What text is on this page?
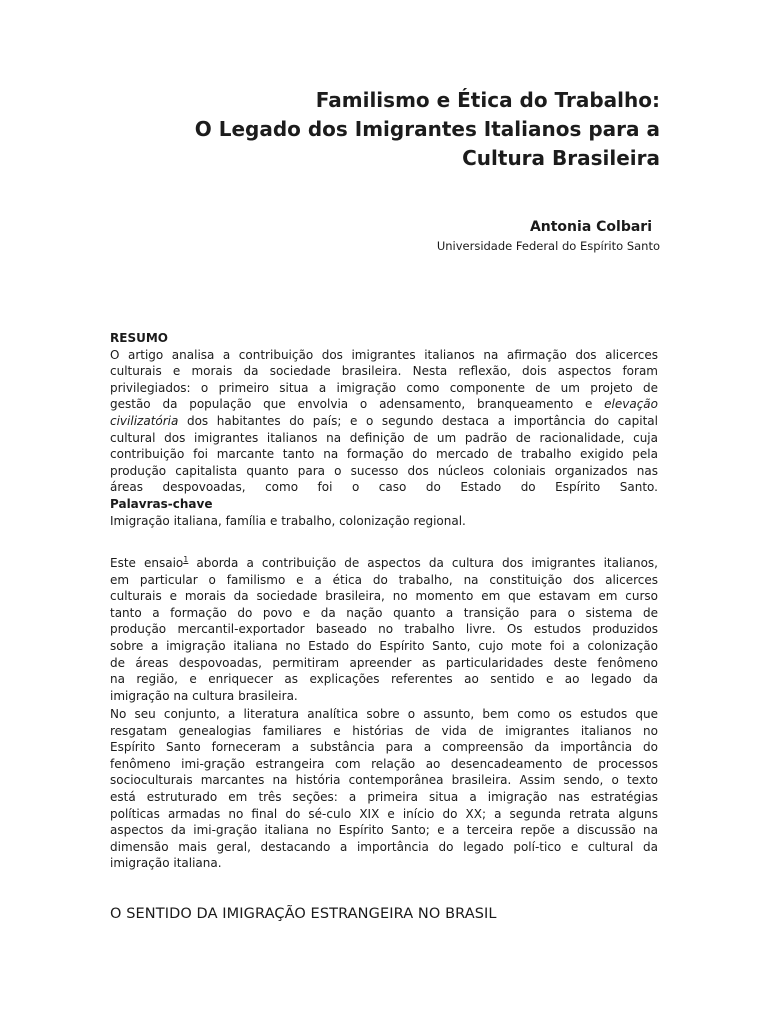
Familismo e Ética do Trabalho:
O Legado dos Imigrantes Italianos para a
Cultura Brasileira
Antonia Colbari
Universidade Federal do Espírito Santo
RESUMO
O artigo analisa a contribuição dos imigrantes italianos na afirmação dos alicerces
culturais e morais da sociedade brasileira. Nesta reflexão, dois aspectos foram
privilegiados: o primeiro situa a imigração como componente de um projeto de
gestão da população que envolvia o adensamento, branqueamento e elevação
civilizatória dos habitantes do país; e o segundo destaca a importância do capital
cultural dos imigrantes italianos na definição de um padrão de racionalidade, cuja
contribuição foi marcante tanto na formação do mercado de trabalho exigido pela
produção capitalista quanto para o sucesso dos núcleos coloniais organizados nas
áreas despovoadas, como foi o caso do Estado do Espírito Santo.
Palavras-chave
Imigração italiana, família e trabalho, colonização regional.
Este ensaio$^1$ aborda a contribuição de aspectos da cultura dos imigrantes italianos,
em particular o familismo e a ética do trabalho, na constituição dos alicerces
culturais e morais da sociedade brasileira, no momento em que estavam em curso
tanto a formação do povo e da nação quanto a transição para o sistema de
produção mercantil-exportador baseado no trabalho livre. Os estudos produzidos
sobre a imigração italiana no Estado do Espírito Santo, cujo mote foi a colonização
de áreas despovoadas, permitiram apreender as particularidades deste fenômeno
na região, e enriquecer as explicações referentes ao sentido e ao legado da
imigração na cultura brasileira.
No seu conjunto, a literatura analítica sobre o assunto, bem como os estudos que
resgatam genealogias familiares e histórias de vida de imigrantes italianos no
Espírito Santo forneceram a substância para a compreensão da importância do
fenômeno imi-gração estrangeira com relação ao desencadeamento de processos
socioculturais marcantes na história contemporânea brasileira. Assim sendo, o texto
está estruturado em três seções: a primeira situa a imigração nas estratégias
políticas armadas no final do sé-culo XIX e início do XX; a segunda retrata alguns
aspectos da imi-gração italiana no Espírito Santo; e a terceira repõe a discussão na
dimensão mais geral, destacando a importância do legado polí-tico e cultural da
imigração italiana.
O SENTIDO DA IMIGRAÇÃO ESTRANGEIRA NO BRASIL
